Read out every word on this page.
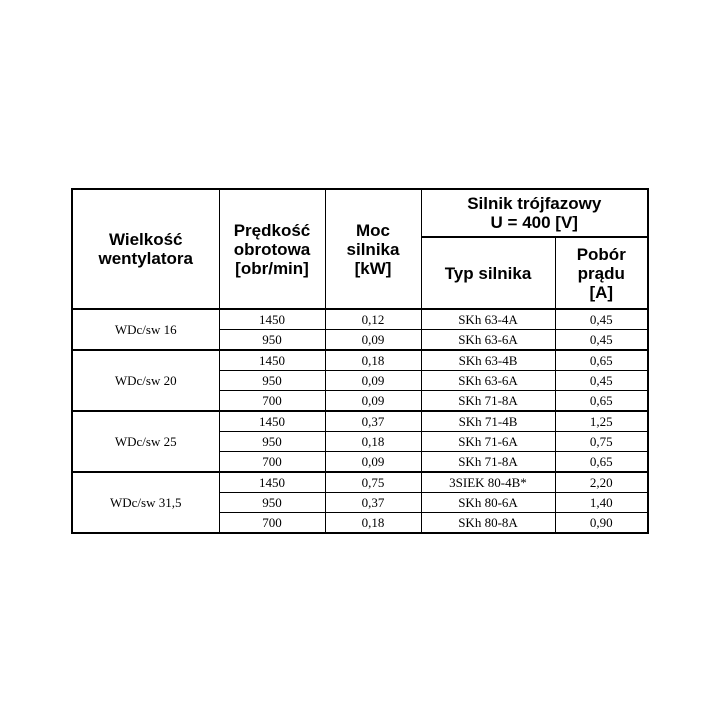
Wielkość
wentylatora	Prędkość
obrotowa
[obr/min]	Moc
silnika
[kW]	Silnik trójfazowy
U = 400 [V]	
			Typ silnika	Pobór
prądu
[A]
WDc/sw 16	1450	0,12	SKh 63-4A	0,45
	950	0,09	SKh 63-6A	0,45
WDc/sw 20	1450	0,18	SKh 63-4B	0,65
	950	0,09	SKh 63-6A	0,45
	700	0,09	SKh 71-8A	0,65
WDc/sw 25	1450	0,37	SKh 71-4B	1,25
	950	0,18	SKh 71-6A	0,75
	700	0,09	SKh 71-8A	0,65
WDc/sw 31,5	1450	0,75	3SIEK 80-4B*	2,20
	950	0,37	SKh 80-6A	1,40
	700	0,18	SKh 80-8A	0,90
